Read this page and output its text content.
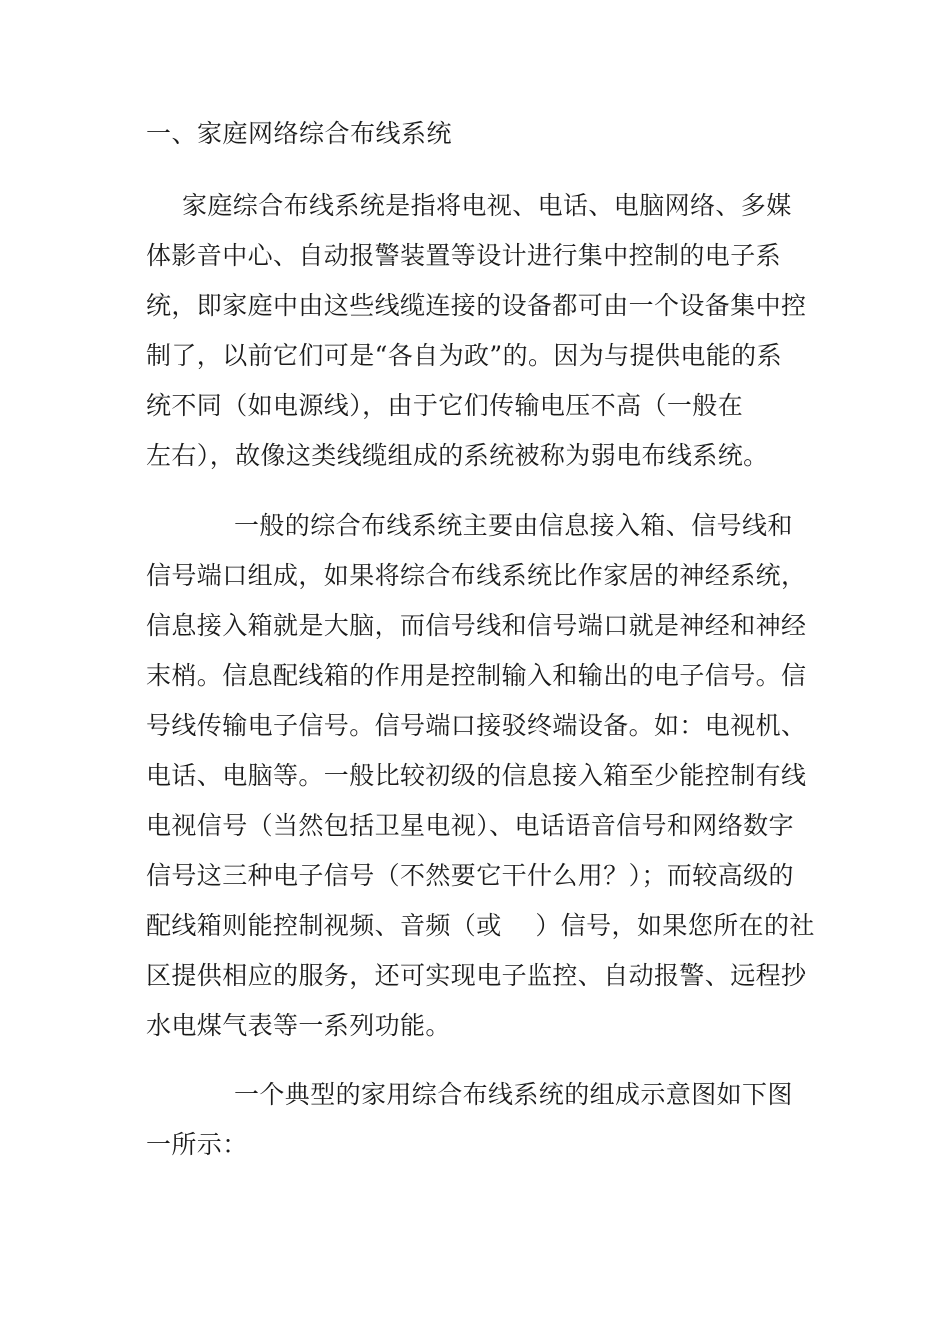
一、家庭网络综合布线系统
家庭综合布线系统是指将电视、电话、电脑网络、多媒
体影音中心、自动报警装置等设计进行集中控制的电子系
统，即家庭中由这些线缆连接的设备都可由一个设备集中控
制了，以前它们可是“各自为政”的。因为与提供电能的系
统不同（如电源线），由于它们传输电压不高（一般在
左右），故像这类线缆组成的系统被称为弱电布线系统。
一般的综合布线系统主要由信息接入箱、信号线和
信号端口组成，如果将综合布线系统比作家居的神经系统，
信息接入箱就是大脑，而信号线和信号端口就是神经和神经
末梢。信息配线箱的作用是控制输入和输出的电子信号。信
号线传输电子信号。信号端口接驳终端设备。如：电视机、
电话、电脑等。一般比较初级的信息接入箱至少能控制有线
电视信号（当然包括卫星电视）、电话语音信号和网络数字
信号这三种电子信号（不然要它干什么用？）；而较高级的
配线箱则能控制视频、音频（或　 ）信号，如果您所在的社
区提供相应的服务，还可实现电子监控、自动报警、远程抄
水电煤气表等一系列功能。
一个典型的家用综合布线系统的组成示意图如下图
一所示：
